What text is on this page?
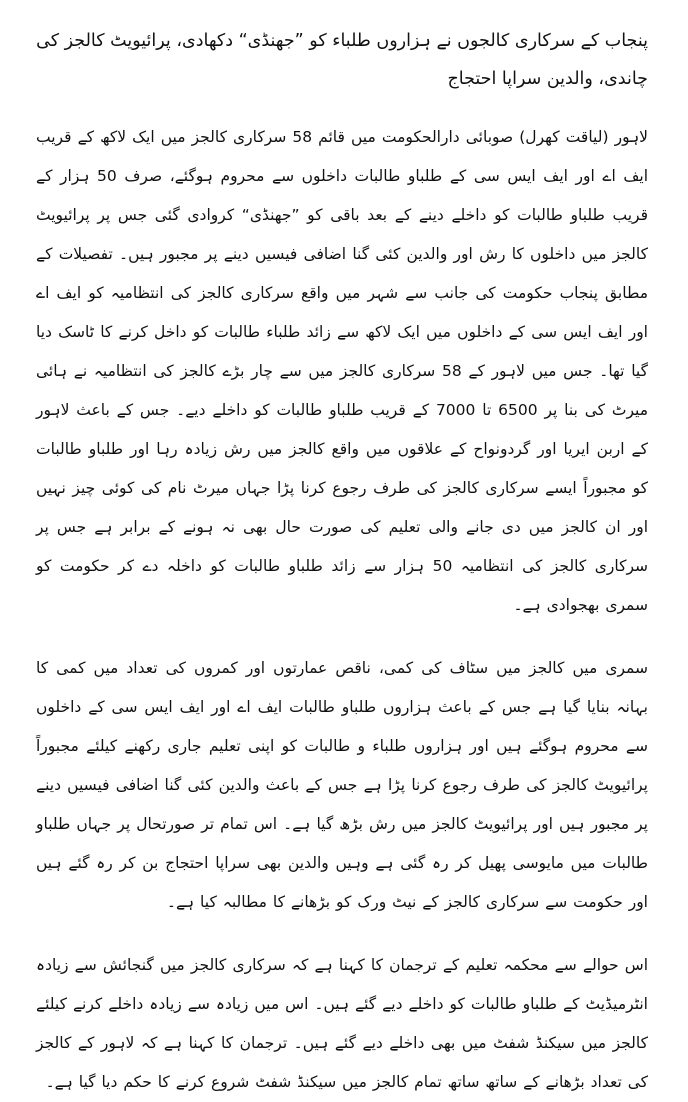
پنجاب کے سرکاری کالجوں نے ہزاروں طلباء کو ”جھنڈی“ دکھادی، پرائیویٹ کالجز کی چاندی، والدین سراپا احتجاج

لاہور (لیاقت کھرل) صوبائی دارالحکومت میں قائم 58 سرکاری کالجز میں ایک لاکھ کے قریب ایف اے اور ایف ایس سی کے طلباو طالبات داخلوں سے محروم ہوگئے، صرف 50 ہزار کے قریب طلباو طالبات کو داخلے دینے کے بعد باقی کو ”جھنڈی“ کروادی گئی جس پر پرائیویٹ کالجز میں داخلوں کا رش اور والدین کئی گنا اضافی فیسیں دینے پر مجبور ہیں۔ تفصیلات کے مطابق پنجاب حکومت کی جانب سے شہر میں واقع سرکاری کالجز کی انتظامیہ کو ایف اے اور ایف ایس سی کے داخلوں میں ایک لاکھ سے زائد طلباء طالبات کو داخل کرنے کا ٹاسک دیا گیا تھا۔ جس میں لاہور کے 58 سرکاری کالجز میں سے چار بڑے کالجز کی انتظامیہ نے ہائی میرٹ کی بنا پر 6500 تا 7000 کے قریب طلباو طالبات کو داخلے دیے۔ جس کے باعث لاہور کے اربن ایریا اور گردونواح کے علاقوں میں واقع کالجز میں رش زیادہ رہا اور طلباو طالبات کو مجبوراً ایسے سرکاری کالجز کی طرف رجوع کرنا پڑا جہاں میرٹ نام کی کوئی چیز نہیں اور ان کالجز میں دی جانے والی تعلیم کی صورت حال بھی نہ ہونے کے برابر ہے جس پر سرکاری کالجز کی انتظامیہ 50 ہزار سے زائد طلباو طالبات کو داخلہ دے کر حکومت کو سمری بھجوادی ہے۔

سمری میں کالجز میں سٹاف کی کمی، ناقص عمارتوں اور کمروں کی تعداد میں کمی کا بہانہ بنایا گیا ہے جس کے باعث ہزاروں طلباو طالبات ایف اے اور ایف ایس سی کے داخلوں سے محروم ہوگئے ہیں اور ہزاروں طلباء و طالبات کو اپنی تعلیم جاری رکھنے کیلئے مجبوراً پرائیویٹ کالجز کی طرف رجوع کرنا پڑا ہے جس کے باعث والدین کئی گنا اضافی فیسیں دینے پر مجبور ہیں اور پرائیویٹ کالجز میں رش بڑھ گیا ہے۔ اس تمام تر صورتحال پر جہاں طلباو طالبات میں مایوسی پھیل کر رہ گئی ہے وہیں والدین بھی سراپا احتجاج بن کر رہ گئے ہیں اور حکومت سے سرکاری کالجز کے نیٹ ورک کو بڑھانے کا مطالبہ کیا ہے۔

اس حوالے سے محکمہ تعلیم کے ترجمان کا کہنا ہے کہ سرکاری کالجز میں گنجائش سے زیادہ انٹرمیڈیٹ کے طلباو طالبات کو داخلے دیے گئے ہیں۔ اس میں زیادہ سے زیادہ داخلے کرنے کیلئے کالجز میں سیکنڈ شفٹ میں بھی داخلے دیے گئے ہیں۔ ترجمان کا کہنا ہے کہ لاہور کے کالجز کی تعداد بڑھانے کے ساتھ ساتھ تمام کالجز میں سیکنڈ شفٹ شروع کرنے کا حکم دیا گیا ہے۔
